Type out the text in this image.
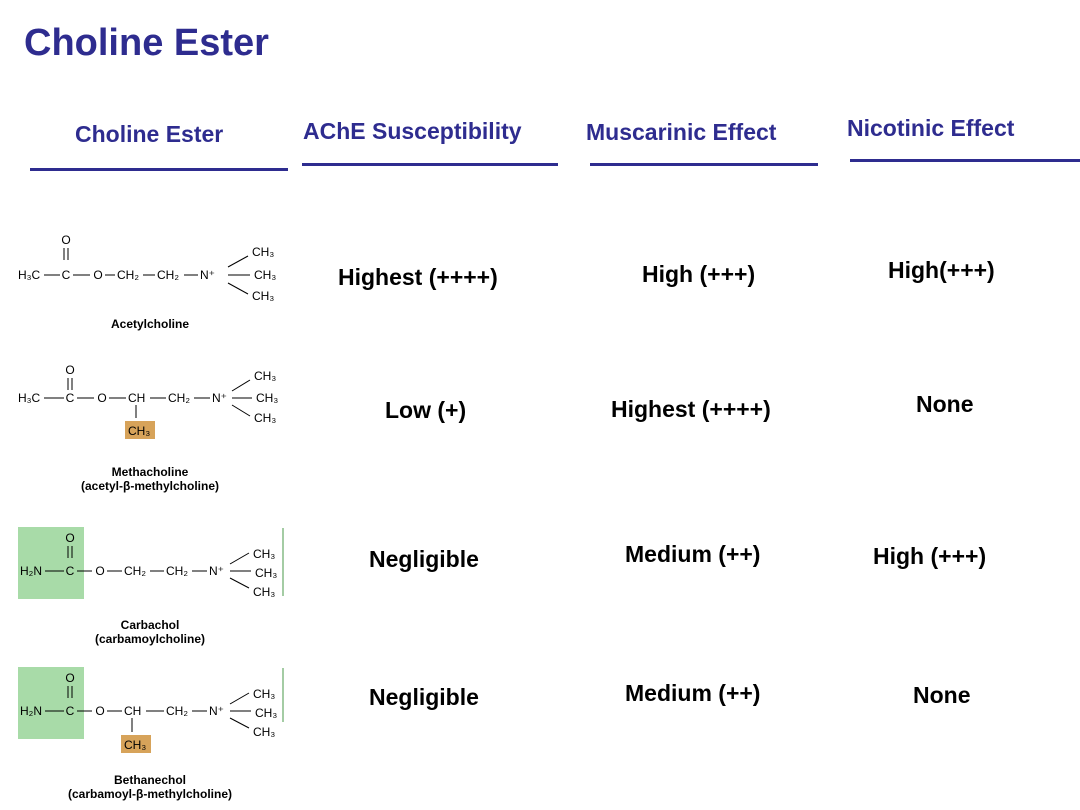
Choline Ester
Choline Ester	AChE Susceptibility	Muscarinic Effect	Nicotinic Effect
O
H₃C C O CH₂ CH₂ N⁺
CH₃
CH₃
CH₃
Acetylcholine
Highest (++++)	High (+++)	High(+++)
O
H₃C C O CH
CH₃
CH₂ N⁺
CH₃
CH₃
CH₃
Methacholine
(acetyl-β-methylcholine)
Low (+)	Highest (++++)	None
O
H₂N C O CH₂ CH₂ N⁺
CH₃
CH₃
CH₃
Carbachol
(carbamoylcholine)
Negligible	Medium (++)	High (+++)
O
H₂N C O CH
CH₃
CH₂ N⁺
CH₃
CH₃
CH₃
Bethanechol
(carbamoyl-β-methylcholine)
Negligible	Medium (++)	None
